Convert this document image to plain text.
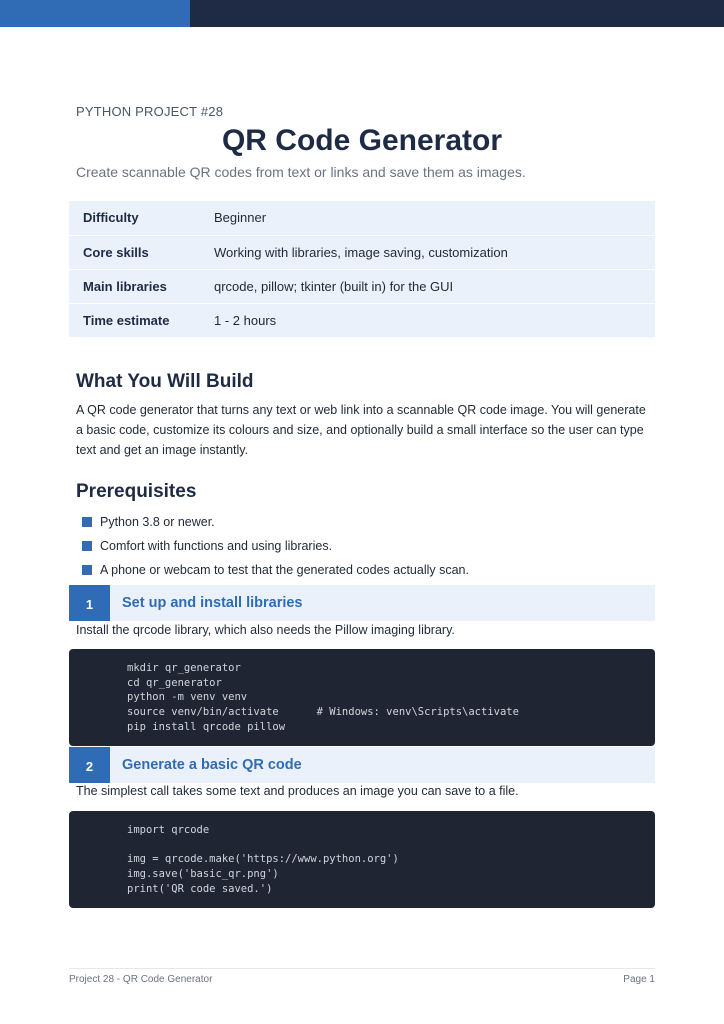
PYTHON PROJECT #28
QR Code Generator
Create scannable QR codes from text or links and save them as images.
Difficulty	Beginner
Core skills	Working with libraries, image saving, customization
Main libraries	qrcode, pillow; tkinter (built in) for the GUI
Time estimate	1 - 2 hours
What You Will Build
A QR code generator that turns any text or web link into a scannable QR code image. You will generate a basic code, customize its colours and size, and optionally build a small interface so the user can type text and get an image instantly.
Prerequisites
Python 3.8 or newer.
Comfort with functions and using libraries.
A phone or webcam to test that the generated codes actually scan.
1	Set up and install libraries
Install the qrcode library, which also needs the Pillow imaging library.
mkdir qr_generator
cd qr_generator
python -m venv venv
source venv/bin/activate      # Windows: venv\Scripts\activate
pip install qrcode pillow
2	Generate a basic QR code
The simplest call takes some text and produces an image you can save to a file.
import qrcode
img = qrcode.make('https://www.python.org')
img.save('basic_qr.png')
print('QR code saved.')
Project 28 - QR Code Generator	Page 1
